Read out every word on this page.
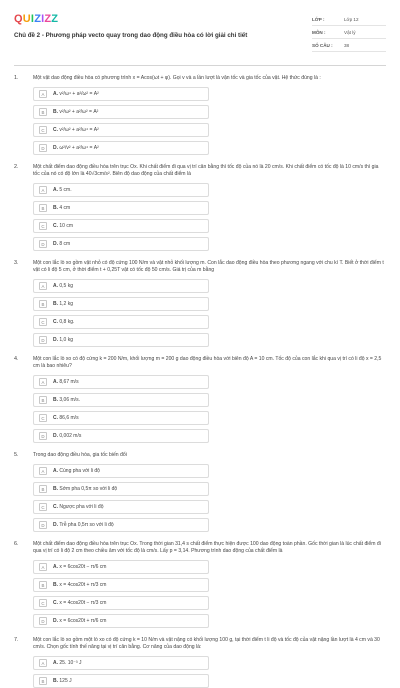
QUIZIZZ
Chủ đề 2 - Phương pháp vecto quay trong dao động điều hòa có lời giải chi tiết
LỚP :	Lớp 12
MÔN :	Vật lý
SỐ CÂU :	38
1.	Một vật dao động điều hòa có phương trình x = Acos(ωt + φ). Gọi v và a lần lượt là vận tốc và gia tốc của vật. Hệ thức đúng là :
A	A. v²/ω⁴ + a²/ω² = A²
B	B. v²/ω² + a²/ω² = A²
C	C. v²/ω² + a²/ω⁴ = A²
D	D. ω²/v² + a²/ω⁴ = A²
2.	Một chất điểm dao động điều hòa trên trục Ox. Khi chất điểm đi qua vị trí cân bằng thì tốc độ của nó là 20 cm/s. Khi chất điểm có tốc độ là 10 cm/s thì gia tốc của nó có độ lớn là 40√3cm/s². Biên độ dao động của chất điểm là
A	A. 5 cm.
B	B. 4 cm
C	C. 10 cm
D	D. 8 cm
3.	Một con lắc lò xo gồm vật nhỏ có độ cứng 100 N/m và vật nhỏ khối lượng m. Con lắc dao động điều hòa theo phương ngang với chu kì T. Biết ở thời điểm t vật có li độ 5 cm, ở thời điểm t + 0,25T vật có tốc độ 50 cm/s. Giá trị của m bằng
A	A. 0,5 kg
B	B. 1,2 kg
C	C. 0,8 kg.
D	D. 1,0 kg
4.	Một con lắc lò xo có độ cứng k = 200 N/m, khối lượng m = 200 g dao động điều hòa với biên độ A = 10 cm. Tốc độ của con lắc khi qua vị trí có li độ x = 2,5 cm là bao nhiêu?
A	A. 8,67 m/s
B	B. 3,06 m/s.
C	C. 86,6 m/s
D	D. 0,002 m/s
5.	Trong dao động điều hòa, gia tốc biến đổi
A	A. Cùng pha với li độ
B	B. Sớm pha 0,5π so với li độ
C	C. Ngược pha với li độ
D	D. Trễ pha 0,5π so với li độ
6.	Một chất điểm dao động điều hòa trên trục Ox. Trong thời gian 31,4 s chất điểm thực hiện được 100 dao động toàn phần. Gốc thời gian là lúc chất điểm đi qua vị trí có li độ 2 cm theo chiều âm với tốc độ là cm/s. Lấy p = 3,14. Phương trình dao động của chất điểm là
A	A. x = 6cos20t − π/6 cm
B	B. x = 4cos20t + π/3 cm
C	C. x = 4cos20t − π/3 cm
D	D. x = 6cos20t + π/6 cm
7.	Một con lắc lò xo gồm một lò xo có độ cứng k = 10 N/m và vật nặng có khối lượng 100 g, tại thời điểm t li độ và tốc độ của vật nặng lần lượt là 4 cm và 30 cm/s. Chọn gốc tính thế năng tại vị trí cân bằng. Cơ năng của dao động là:
A	A. 25. 10⁻³ J
B	B. 125 J
